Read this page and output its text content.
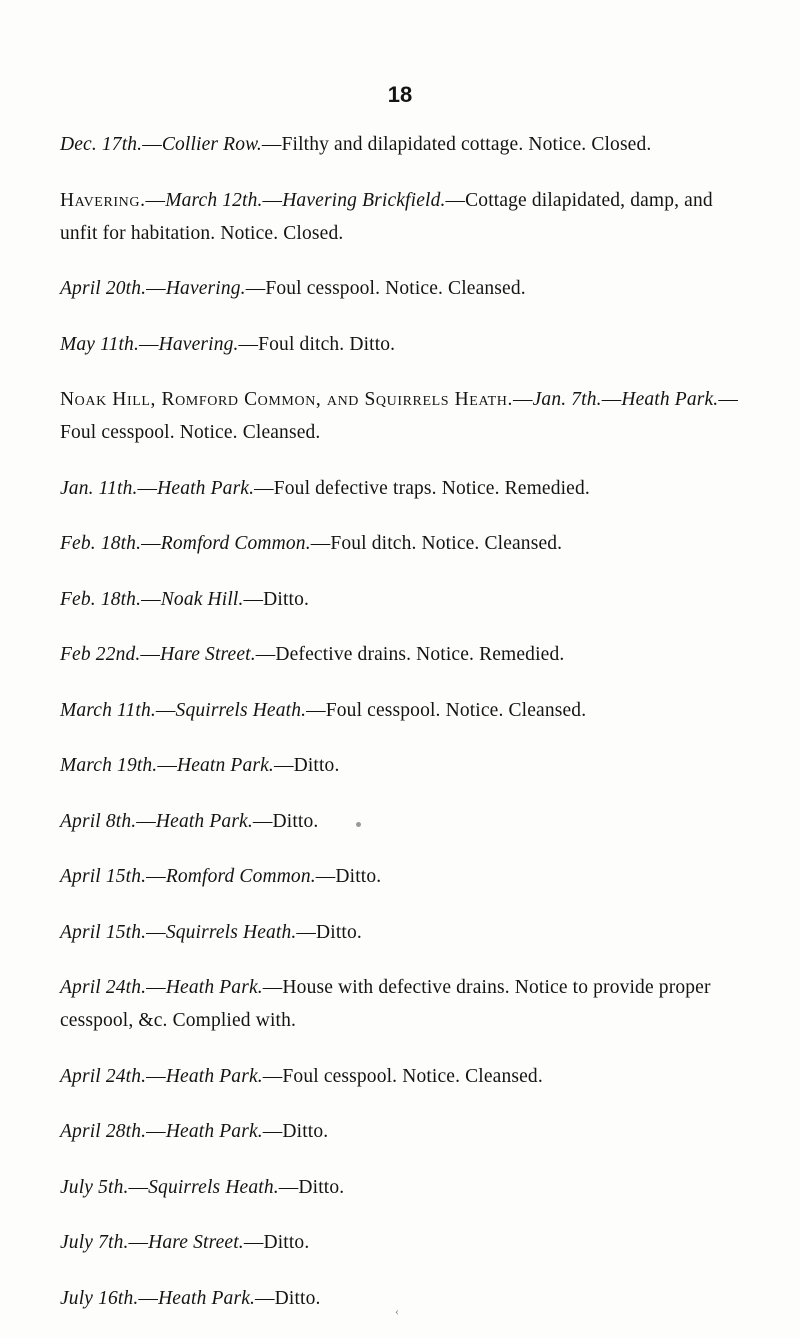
18
‹

Dec. 17th.—Collier Row.—Filthy and dilapidated cottage. Notice. Closed.

Havering.—March 12th.—Havering Brickfield.—Cottage dilapidated, damp, and unfit for habitation. Notice. Closed.

April 20th.—Havering.—Foul cesspool. Notice. Cleansed.

May 11th.—Havering.—Foul ditch. Ditto.

Noak Hill, Romford Common, and Squirrels Heath.—Jan. 7th.—Heath Park.—Foul cesspool. Notice. Cleansed.

Jan. 11th.—Heath Park.—Foul defective traps. Notice. Remedied.

Feb. 18th.—Romford Common.—Foul ditch. Notice. Cleansed.

Feb. 18th.—Noak Hill.—Ditto.

Feb 22nd.—Hare Street.—Defective drains. Notice. Remedied.

March 11th.—Squirrels Heath.—Foul cesspool. Notice. Cleansed.

March 19th.—Heatn Park.—Ditto.

April 8th.—Heath Park.—Ditto.

April 15th.—Romford Common.—Ditto.

April 15th.—Squirrels Heath.—Ditto.

April 24th.—Heath Park.—House with defective drains. Notice to provide proper cesspool, &c. Complied with.

April 24th.—Heath Park.—Foul cesspool. Notice. Cleansed.

April 28th.—Heath Park.—Ditto.

July 5th.—Squirrels Heath.—Ditto.

July 7th.—Hare Street.—Ditto.

July 16th.—Heath Park.—Ditto.
